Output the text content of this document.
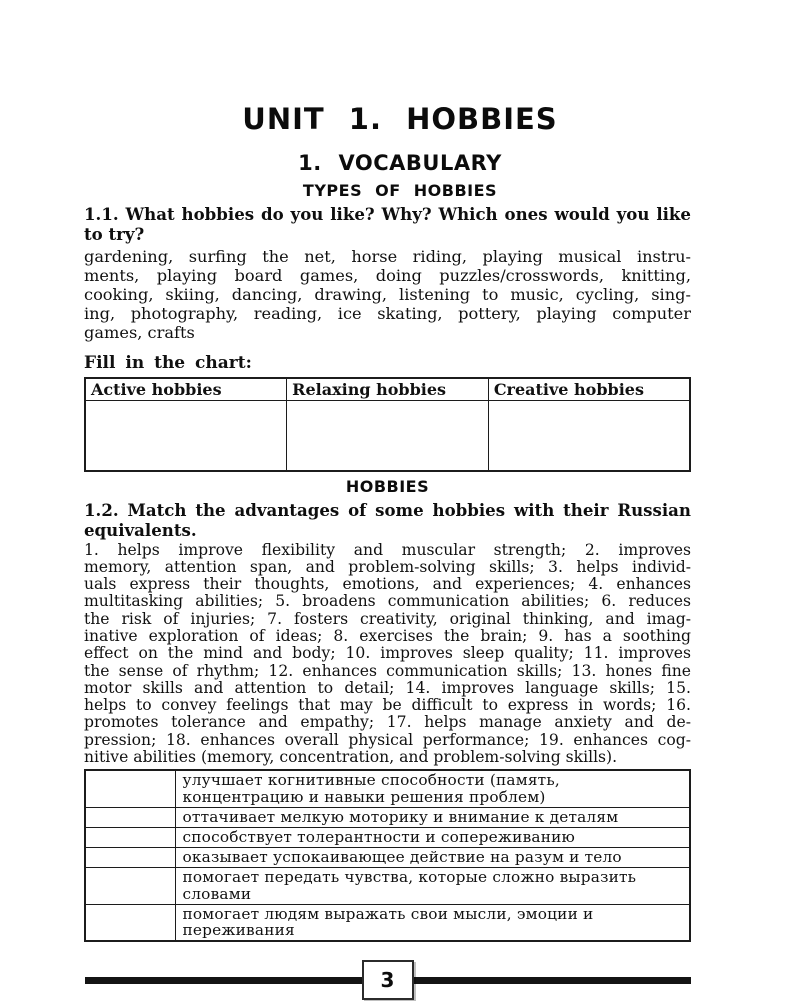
UNIT 1. HOBBIES
1. VOCABULARY
TYPES OF HOBBIES
1.1. What hobbies do you like? Why? Which ones would you like
to try?
gardening, surfing the net, horse riding, playing musical instru-
ments, playing board games, doing puzzles/crosswords, knitting,
cooking, skiing, dancing, drawing, listening to music, cycling, sing-
ing, photography, reading, ice skating, pottery, playing computer
games, crafts
Fill in the chart:
Active hobbies	Relaxing hobbies	Creative hobbies

HOBBIES
1.2. Match the advantages of some hobbies with their Russian
equivalents.
1. helps improve flexibility and muscular strength; 2. improves
memory, attention span, and problem-solving skills; 3. helps individ-
uals express their thoughts, emotions, and experiences; 4. enhances
multitasking abilities; 5. broadens communication abilities; 6. reduces
the risk of injuries; 7. fosters creativity, original thinking, and imag-
inative exploration of ideas; 8. exercises the brain; 9. has a soothing
effect on the mind and body; 10. improves sleep quality; 11. improves
the sense of rhythm; 12. enhances communication skills; 13. hones fine
motor skills and attention to detail; 14. improves language skills; 15.
helps to convey feelings that may be difficult to express in words; 16.
promotes tolerance and empathy; 17. helps manage anxiety and de-
pression; 18. enhances overall physical performance; 19. enhances cog-
nitive abilities (memory, concentration, and problem-solving skills).
	улучшает когнитивные способности (память, концентрацию и навыки решения проблем)
	оттачивает мелкую моторику и внимание к деталям
	способствует толерантности и сопереживанию
	оказывает успокаивающее действие на разум и тело
	помогает передать чувства, которые сложно выразить словами
	помогает людям выражать свои мысли, эмоции и переживания
3
